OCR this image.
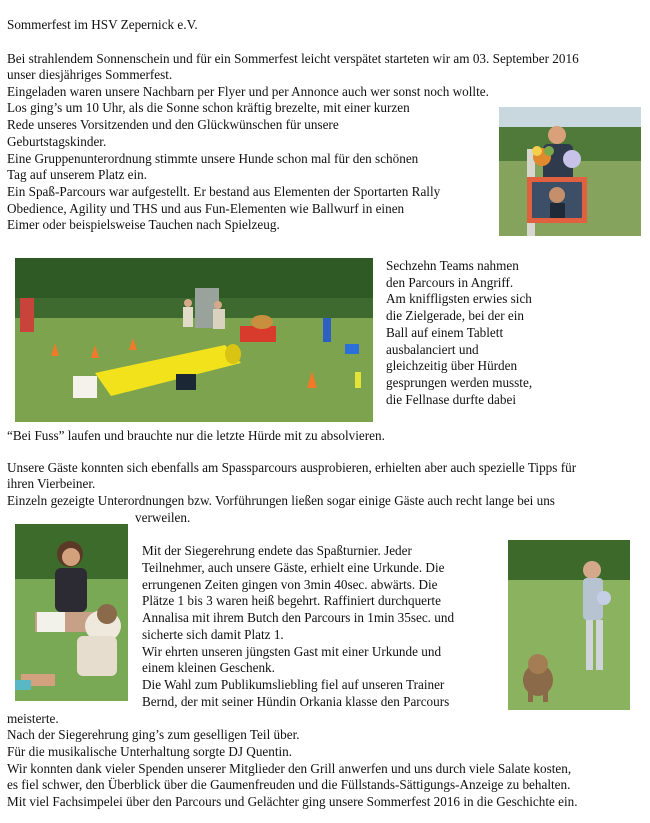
Sommerfest im HSV Zepernick e.V.
Bei strahlendem Sonnenschein und für ein Sommerfest leicht verspätet starteten wir am 03. September 2016
unser diesjähriges Sommerfest.
Eingeladen waren unsere Nachbarn per Flyer und per Annonce auch wer sonst noch wollte.
Los ging’s um 10 Uhr, als die Sonne schon kräftig brezelte, mit einer kurzen
Rede unseres Vorsitzenden und den Glückwünschen für unsere
Geburtstagskinder.
Eine Gruppenunterordnung stimmte unsere Hunde schon mal für den schönen
Tag auf unserem Platz ein.
Ein Spaß-Parcours war aufgestellt. Er bestand aus Elementen der Sportarten Rally
Obedience, Agility und THS und aus Fun-Elementen wie Ballwurf in einen
Eimer oder beispielsweise Tauchen nach Spielzeug.
Sechzehn Teams nahmen
den Parcours in Angriff.
Am kniffligsten erwies sich
die Zielgerade, bei der ein
Ball auf einem Tablett
ausbalanciert und
gleichzeitig über Hürden
gesprungen werden musste,
die Fellnase durfte dabei
“Bei Fuss” laufen und brauchte nur die letzte Hürde mit zu absolvieren.
Unsere Gäste konnten sich ebenfalls am Spassparcours ausprobieren, erhielten aber auch spezielle Tipps für
ihren Vierbeiner.
Einzeln gezeigte Unterordnungen bzw. Vorführungen ließen sogar einige Gäste auch recht lange bei uns
verweilen.
Mit der Siegerehrung endete das Spaßturnier. Jeder
Teilnehmer, auch unsere Gäste, erhielt eine Urkunde. Die
errungenen Zeiten gingen von 3min 40sec. abwärts. Die
Plätze 1 bis 3 waren heiß begehrt. Raffiniert durchquerte
Annalisa mit ihrem Butch den Parcours in 1min 35sec. und
sicherte sich damit Platz 1.
Wir ehrten unseren jüngsten Gast mit einer Urkunde und
einem kleinen Geschenk.
Die Wahl zum Publikumsliebling fiel auf unseren Trainer
Bernd, der mit seiner Hündin Orkania klasse den Parcours
meisterte.
Nach der Siegerehrung ging’s zum geselligen Teil über.
Für die musikalische Unterhaltung sorgte DJ Quentin.
Wir konnten dank vieler Spenden unserer Mitglieder den Grill anwerfen und uns durch viele Salate kosten,
es fiel schwer, den Überblick über die Gaumenfreuden und die Füllstands-Sättigungs-Anzeige zu behalten.
Mit viel Fachsimpelei über den Parcours und Gelächter ging unsere Sommerfest 2016 in die Geschichte ein.
